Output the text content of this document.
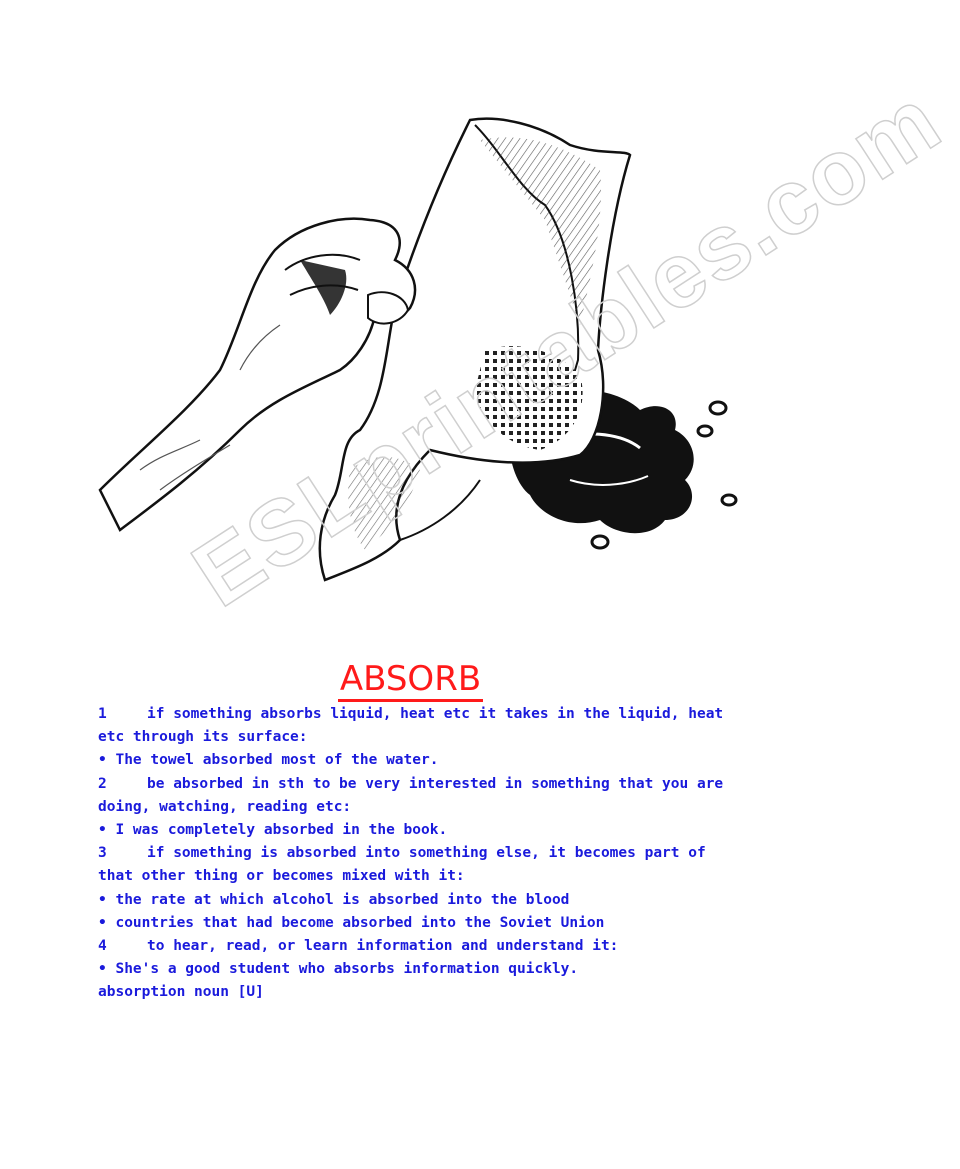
ABSORB

1	if something absorbs liquid, heat etc it takes in the liquid, heat etc through its surface:

• The towel absorbed most of the water.

2	be absorbed in sth to be very interested in something that you are doing, watching, reading etc:

• I was completely absorbed in the book.

3	if something is absorbed into something else, it becomes part of that other thing or becomes mixed with it:

• the rate at which alcohol is absorbed into the blood

• countries that had become absorbed into the Soviet Union

4	to hear, read, or learn information and understand it:

• She's a good student who absorbs information quickly.

absorption noun [U]
